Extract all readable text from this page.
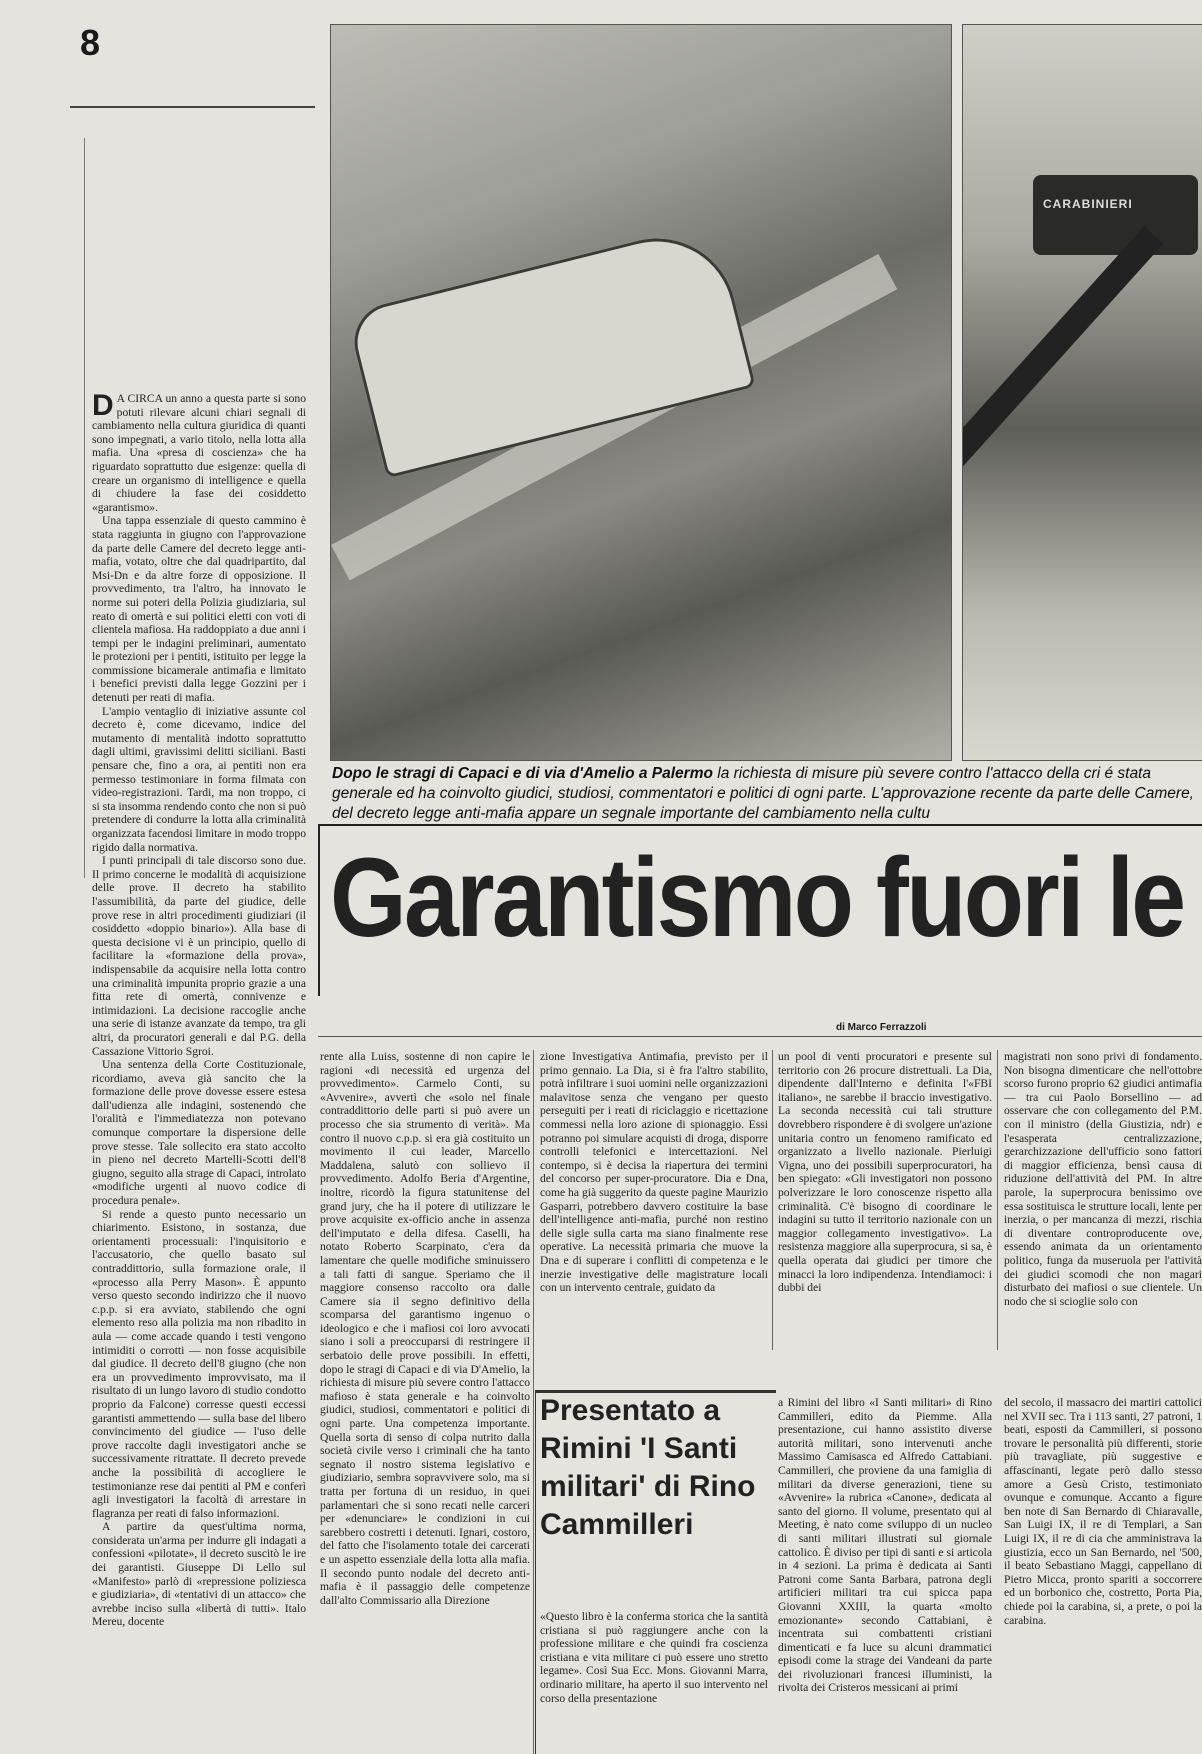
8
CARABINIERI
Dopo le stragi di Capaci e di via d'Amelio a Palermo la richiesta di misure più severe contro l'attacco della cri é stata generale ed ha coinvolto giudici, studiosi, commentatori e politici di ogni parte. L'approvazione recente da parte delle Camere, del decreto legge anti-mafia appare un segnale importante del cambiamento nella cultu
Garantismo fuori le
di Marco Ferrazzoli

D A CIRCA un anno a questa parte si sono potuti rilevare alcuni chiari segnali di cambiamento nella cultura giuridica di quanti sono impegnati, a vario titolo, nella lotta alla mafia. Una «presa di coscienza» che ha riguardato soprattutto due esigenze: quella di creare un organismo di intelligence e quella di chiudere la fase dei cosiddetto «garantismo».

Una tappa essenziale di questo cammino è stata raggiunta in giugno con l'approvazione da parte delle Camere del decreto legge anti-mafia, votato, oltre che dal quadripartito, dal Msi-Dn e da altre forze di opposizione. Il provvedimento, tra l'altro, ha innovato le norme sui poteri della Polizia giudiziaria, sul reato di omertà e sui politici eletti con voti di clientela mafiosa. Ha raddoppiato a due anni i tempi per le indagini preliminari, aumentato le protezioni per i pentiti, istituito per legge la commissione bicamerale antimafia e limitato i benefici previsti dalla legge Gozzini per i detenuti per reati di mafia.

L'ampio ventaglio di iniziative assunte col decreto è, come dicevamo, indice del mutamento di mentalità indotto soprattutto dagli ultimi, gravissimi delitti siciliani. Basti pensare che, fino a ora, ai pentiti non era permesso testimoniare in forma filmata con video-registrazioni. Tardi, ma non troppo, ci si sta insomma rendendo conto che non si può pretendere di condurre la lotta alla criminalità organizzata facendosi limitare in modo troppo rigido dalla normativa.

I punti principali di tale discorso sono due. Il primo concerne le modalità di acquisizione delle prove. Il decreto ha stabilito l'assumibilità, da parte del giudice, delle prove rese in altri procedimenti giudiziari (il cosiddetto «doppio binario»). Alla base di questa decisione vi è un principio, quello di facilitare la «formazione della prova», indispensabile da acquisire nella lotta contro una criminalità impunita proprio grazie a una fitta rete di omertà, connivenze e intimidazioni. La decisione raccoglie anche una serie di istanze avanzate da tempo, tra gli altri, da procuratori generali e dal P.G. della Cassazione Vittorio Sgroi.

Una sentenza della Corte Costituzionale, ricordiamo, aveva già sancito che la formazione delle prove dovesse essere estesa dall'udienza alle indagini, sostenendo che l'oralità e l'immediatezza non potevano comunque comportare la dispersione delle prove stesse. Tale sollecito era stato accolto in pieno nel decreto Martelli-Scotti dell'8 giugno, seguito alla strage di Capaci, introlato «modifiche urgenti al nuovo codice di procedura penale».

Si rende a questo punto necessario un chiarimento. Esistono, in sostanza, due orientamenti processuali: l'inquisitorio e l'accusatorio, che quello basato sul contraddittorio, sulla formazione orale, il «processo alla Perry Mason». È appunto verso questo secondo indirizzo che il nuovo c.p.p. si era avviato, stabilendo che ogni elemento reso alla polizia ma non ribadito in aula — come accade quando i testi vengono intimiditi o corrotti — non fosse acquisibile dal giudice. Il decreto dell'8 giugno (che non era un provvedimento improvvisato, ma il risultato di un lungo lavoro di studio condotto proprio da Falcone) corresse questi eccessi garantisti ammettendo — sulla base del libero convincimento del giudice — l'uso delle prove raccolte dagli investigatori anche se successivamente ritrattate. Il decreto prevede anche la possibilità di accogliere le testimonianze rese dai pentiti al PM e conferì agli investigatori la facoltà di arrestare in flagranza per reati di falso informazioni.

A partire da quest'ultima norma, considerata un'arma per indurre gli indagati a confessioni «pilotate», il decreto suscitò le ire dei garantisti. Giuseppe Di Lello sul «Manifesto» parlò di «repressione poliziesca e giudiziaria», di «tentativi di un attacco» che avrebbe inciso sulla «libertà di tutti». Italo Mereu, docente

rente alla Luiss, sostenne di non capire le ragioni «di necessità ed urgenza del provvedimento». Carmelo Conti, su «Avvenire», avvertì che «solo nel finale contraddittorio delle parti si può avere un processo che sia strumento di verità». Ma contro il nuovo c.p.p. si era già costituito un movimento il cui leader, Marcello Maddalena, salutò con sollievo il provvedimento. Adolfo Beria d'Argentine, inoltre, ricordò la figura statunitense del grand jury, che ha il potere di utilizzare le prove acquisite ex-officio anche in assenza dell'imputato e della difesa. Caselli, ha notato Roberto Scarpinato, c'era da lamentare che quelle modifiche sminuissero a tali fatti di sangue. Speriamo che il maggiore consenso raccolto ora dalle Camere sia il segno definitivo della scomparsa del garantismo ingenuo o ideologico e che i mafiosi coi loro avvocati siano i soli a preoccuparsi di restringere il serbatoio delle prove possibili. In effetti, dopo le stragi di Capaci e di via D'Amelio, la richiesta di misure più severe contro l'attacco mafioso è stata generale e ha coinvolto giudici, studiosi, commentatori e politici di ogni parte. Una competenza importante. Quella sorta di senso di colpa nutrito dalla società civile verso i criminali che ha tanto segnato il nostro sistema legislativo e giudiziario, sembra sopravvivere solo, ma si tratta per fortuna di un residuo, in quei parlamentari che si sono recati nelle carceri per «denunciare» le condizioni in cui sarebbero costretti i detenuti. Ignari, costoro, del fatto che l'isolamento totale dei carcerati e un aspetto essenziale della lotta alla mafia. Il secondo punto nodale del decreto anti-mafia è il passaggio delle competenze dall'alto Commissario alla Direzione

zione Investigativa Antimafia, previsto per il primo gennaio. La Dia, si è fra l'altro stabilito, potrà infiltrare i suoi uomini nelle organizzazioni malavitose senza che vengano per questo perseguiti per i reati di riciclaggio e ricettazione commessi nella loro azione di spionaggio. Essi potranno poi simulare acquisti di droga, disporre controlli telefonici e intercettazioni. Nel contempo, si è decisa la riapertura dei termini del concorso per super-procuratore. Dia e Dna, come ha già suggerito da queste pagine Maurizio Gasparri, potrebbero davvero costituire la base dell'intelligence anti-mafia, purché non restino delle sigle sulla carta ma siano finalmente rese operative. La necessità primaria che muove la Dna e di superare i conflitti di competenza e le inerzie investigative delle magistrature locali con un intervento centrale, guidato da

un pool di venti procuratori e presente sul territorio con 26 procure distrettuali. La Dia, dipendente dall'Interno e definita l'«FBI italiano», ne sarebbe il braccio investigativo. La seconda necessità cui tali strutture dovrebbero rispondere è di svolgere un'azione unitaria contro un fenomeno ramificato ed organizzato a livello nazionale. Pierluigi Vigna, uno dei possibili superprocuratori, ha ben spiegato: «Gli investigatori non possono polverizzare le loro conoscenze rispetto alla criminalità. C'è bisogno di coordinare le indagini su tutto il territorio nazionale con un maggior collegamento investigativo». La resistenza maggiore alla superprocura, si sa, è quella operata dai giudici per timore che minacci la loro indipendenza. Intendiamoci: i dubbi dei

magistrati non sono privi di fondamento. Non bisogna dimenticare che nell'ottobre scorso furono proprio 62 giudici antimafia — tra cui Paolo Borsellino — ad osservare che con collegamento del P.M. con il ministro (della Giustizia, ndr) e l'esasperata centralizzazione, gerarchizzazione dell'ufficio sono fattori di maggior efficienza, bensì causa di riduzione dell'attività del PM. In altre parole, la superprocura benissimo ove essa sostituisca le strutture locali, lente per inerzia, o per mancanza di mezzi, rischia di diventare controproducente ove, essendo animata da un orientamento politico, funga da museruola per l'attività dei giudici scomodi che non magari disturbato dei mafiosi o sue clientele. Un nodo che si scioglie solo con

Presentato a Rimini 'I Santi militari' di Rino Cammilleri

«Questo libro è la conferma storica che la santità cristiana si può raggiungere anche con la professione militare e che quindi fra coscienza cristiana e vita militare ci può essere uno stretto legame». Così Sua Ecc. Mons. Giovanni Marra, ordinario militare, ha aperto il suo intervento nel corso della presentazione

a Rimini del libro «I Santi militari» di Rino Cammilleri, edito da Piemme. Alla presentazione, cui hanno assistito diverse autorità militari, sono intervenuti anche Massimo Camisasca ed Alfredo Cattabiani. Cammilleri, che proviene da una famiglia di militari da diverse generazioni, tiene su «Avvenire» la rubrica «Canone», dedicata al santo del giorno. Il volume, presentato qui al Meeting, è nato come sviluppo di un nucleo di santi militari illustrati sul giornale cattolico. È diviso per tipi di santi e si articola in 4 sezioni. La prima è dedicata ai Santi Patroni come Santa Barbara, patrona degli artificieri militari tra cui spicca papa Giovanni XXIII, la quarta «molto emozionante» secondo Cattabiani, è incentrata sui combattenti cristiani dimenticati e fa luce su alcuni drammatici episodi come la strage dei Vandeani da parte dei rivoluzionari francesi illuministi, la rivolta dei Cristeros messicani ai primi

del secolo, il massacro dei martiri cattolici nel XVII sec. Tra i 113 santi, 27 patroni, 1 beati, esposti da Cammilleri, si possono trovare le personalità più differenti, storie più travagliate, più suggestive e affascinanti, legate però dallo stesso amore a Gesù Cristo, testimoniato ovunque e comunque. Accanto a figure ben note di San Bernardo di Chiaravalle, San Luigi IX, il re di Templari, a San Luigi IX, il re di cia che amministrava la giustizia, ecco un San Bernardo, nel '500, il beato Sebastiano Maggi, cappellano di Pietro Micca, pronto spariti a soccorrere ed un borbonico che, costretto, Porta Pia, chiede poi la carabina, si, a prete, o poi la carabina.
